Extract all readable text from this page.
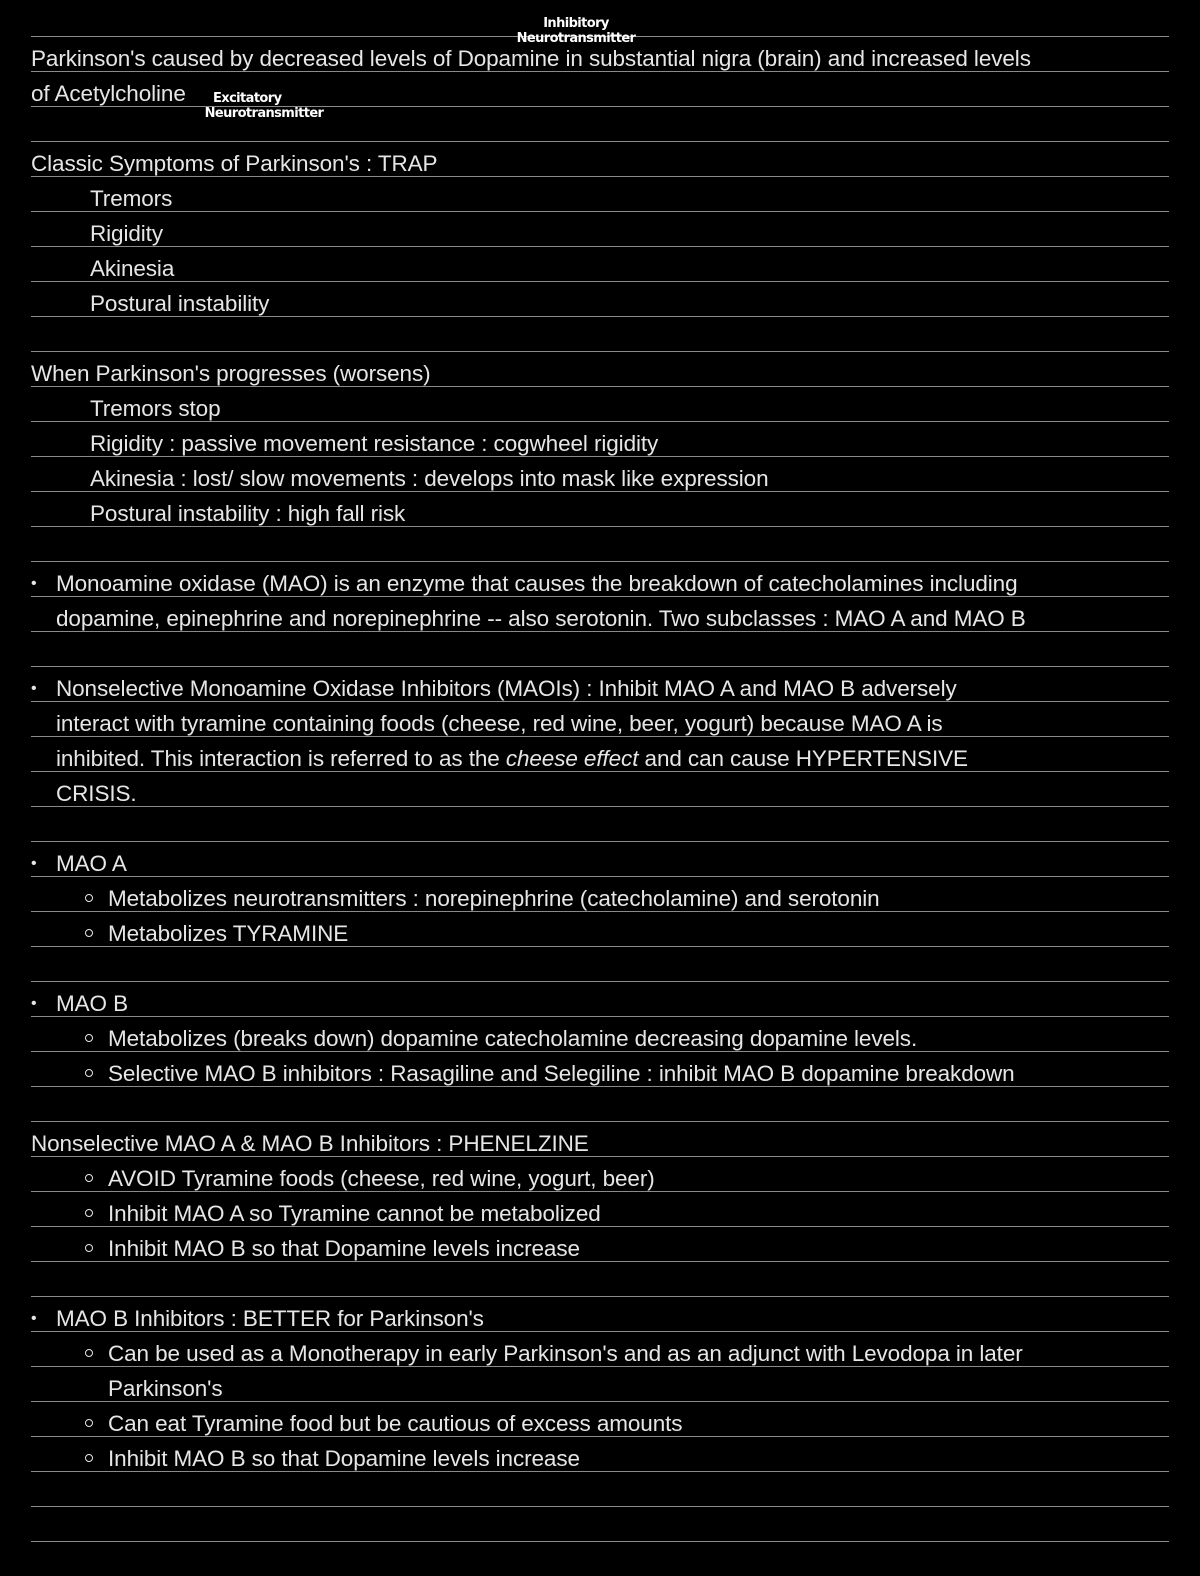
Inhibitory
Neurotransmitter
Excitatory
Neurotransmitter
Parkinson's caused by decreased levels of Dopamine in substantial nigra (brain) and increased levels
of Acetylcholine
Classic Symptoms of Parkinson's : TRAP
Tremors
Rigidity
Akinesia
Postural instability
When Parkinson's progresses (worsens)
Tremors stop
Rigidity : passive movement resistance : cogwheel rigidity
Akinesia : lost/ slow movements : develops into mask like expression
Postural instability : high fall risk
• Monoamine oxidase (MAO) is an enzyme that causes the breakdown of catecholamines including
dopamine, epinephrine and norepinephrine -- also serotonin. Two subclasses : MAO A and MAO B
• Nonselective Monoamine Oxidase Inhibitors (MAOIs) : Inhibit MAO A and MAO B adversely
interact with tyramine containing foods (cheese, red wine, beer, yogurt) because MAO A is
inhibited. This interaction is referred to as the cheese effect and can cause HYPERTENSIVE
CRISIS.
• MAO A
Metabolizes neurotransmitters : norepinephrine (catecholamine) and serotonin
Metabolizes TYRAMINE
• MAO B
Metabolizes (breaks down) dopamine catecholamine decreasing dopamine levels.
Selective MAO B inhibitors : Rasagiline and Selegiline : inhibit MAO B dopamine breakdown
Nonselective MAO A & MAO B Inhibitors : PHENELZINE
AVOID Tyramine foods (cheese, red wine, yogurt, beer)
Inhibit MAO A so Tyramine cannot be metabolized
Inhibit MAO B so that Dopamine levels increase
• MAO B Inhibitors : BETTER for Parkinson's
Can be used as a Monotherapy in early Parkinson's and as an adjunct with Levodopa in later
Parkinson's
Can eat Tyramine food but be cautious of excess amounts
Inhibit MAO B so that Dopamine levels increase
